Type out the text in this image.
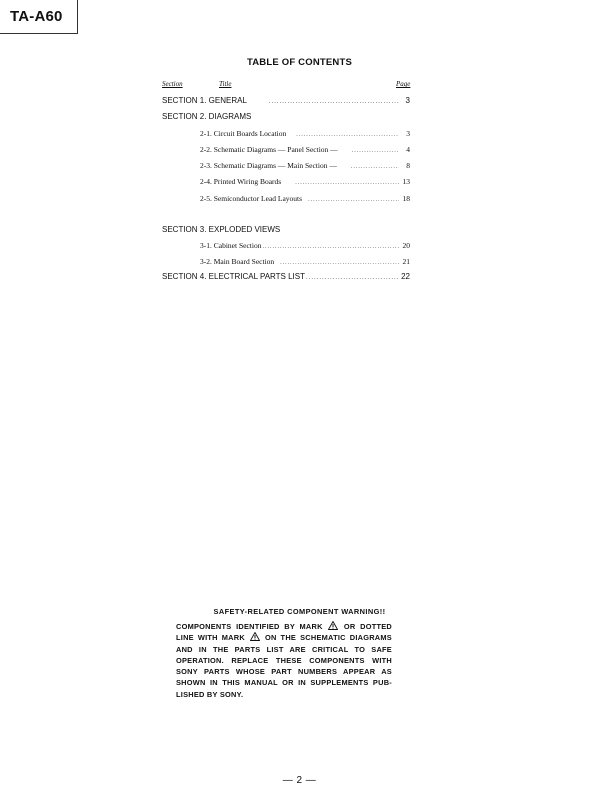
TA-A60
TABLE OF CONTENTS
Section	Title	Page
SECTION 1. GENERAL .....	3
SECTION 2. DIAGRAMS
2-1. Circuit Boards Location .....	3
2-2. Schematic Diagrams — Panel Section — .....	4
2-3. Schematic Diagrams — Main Section — .....	8
2-4. Printed Wiring Boards .....	13
2-5. Semiconductor Lead Layouts .....	18
SECTION 3. EXPLODED VIEWS
3-1. Cabinet Section .....	20
3-2. Main Board Section .....	21
SECTION 4. ELECTRICAL PARTS LIST .....	22
SAFETY-RELATED COMPONENT WARNING!!
COMPONENTS IDENTIFIED BY MARK	OR DOTTED
LINE WITH MARK	ON THE SCHEMATIC DIAGRAMS
AND IN THE PARTS LIST ARE CRITICAL TO SAFE
OPERATION. REPLACE THESE COMPONENTS WITH
SONY PARTS WHOSE PART NUMBERS APPEAR AS
SHOWN IN THIS MANUAL OR IN SUPPLEMENTS PUB-
LISHED BY SONY.
— 2 —
